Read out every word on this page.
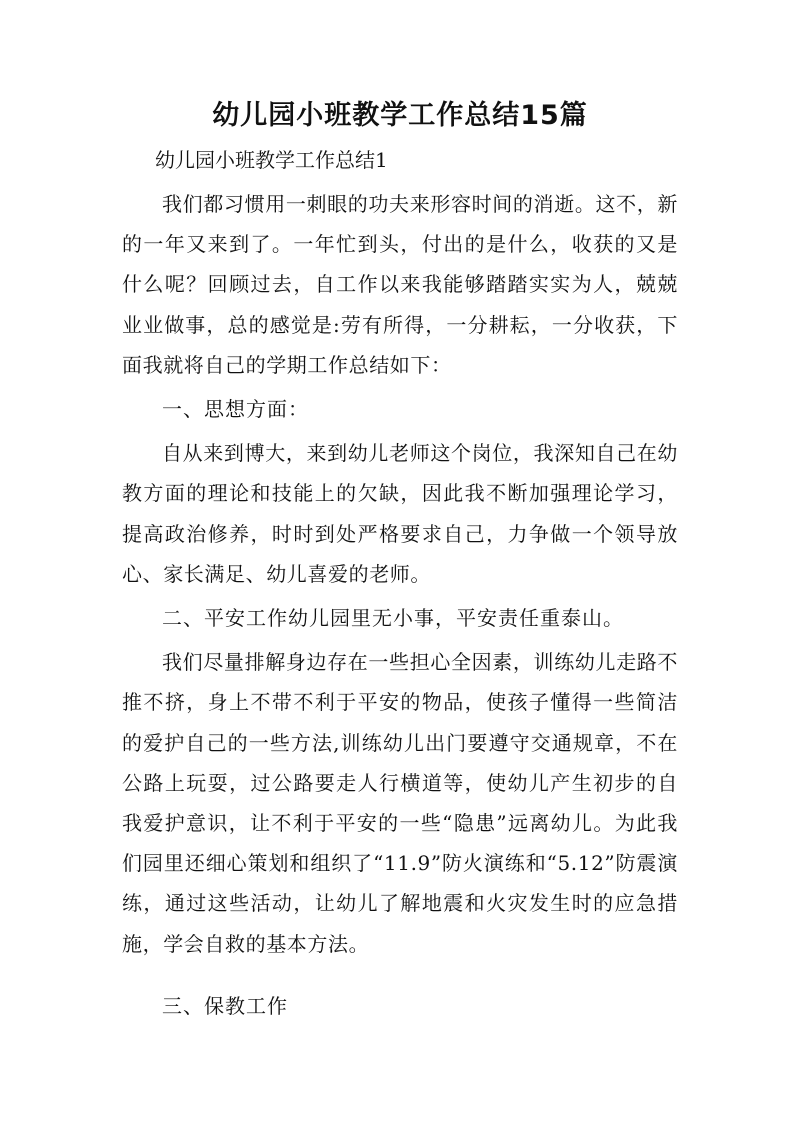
幼儿园小班教学工作总结15篇
幼儿园小班教学工作总结1

我们都习惯用一刺眼的功夫来形容时间的消逝。这不，新的一年又来到了。一年忙到头，付出的是什么，收获的又是什么呢？回顾过去，自工作以来我能够踏踏实实为人，兢兢业业做事，总的感觉是:劳有所得，一分耕耘，一分收获，下面我就将自己的学期工作总结如下：

一、思想方面：

自从来到博大，来到幼儿老师这个岗位，我深知自己在幼教方面的理论和技能上的欠缺，因此我不断加强理论学习，提高政治修养，时时到处严格要求自己，力争做一个领导放心、家长满足、幼儿喜爱的老师。

二、平安工作幼儿园里无小事，平安责任重泰山。

我们尽量排解身边存在一些担心全因素，训练幼儿走路不推不挤，身上不带不利于平安的物品，使孩子懂得一些简洁的爱护自己的一些方法,训练幼儿出门要遵守交通规章，不在公路上玩耍，过公路要走人行横道等，使幼儿产生初步的自我爱护意识，让不利于平安的一些“隐患”远离幼儿。为此我们园里还细心策划和组织了“11.9”防火演练和“5.12”防震演练，通过这些活动，让幼儿了解地震和火灾发生时的应急措施，学会自救的基本方法。

三、保教工作
